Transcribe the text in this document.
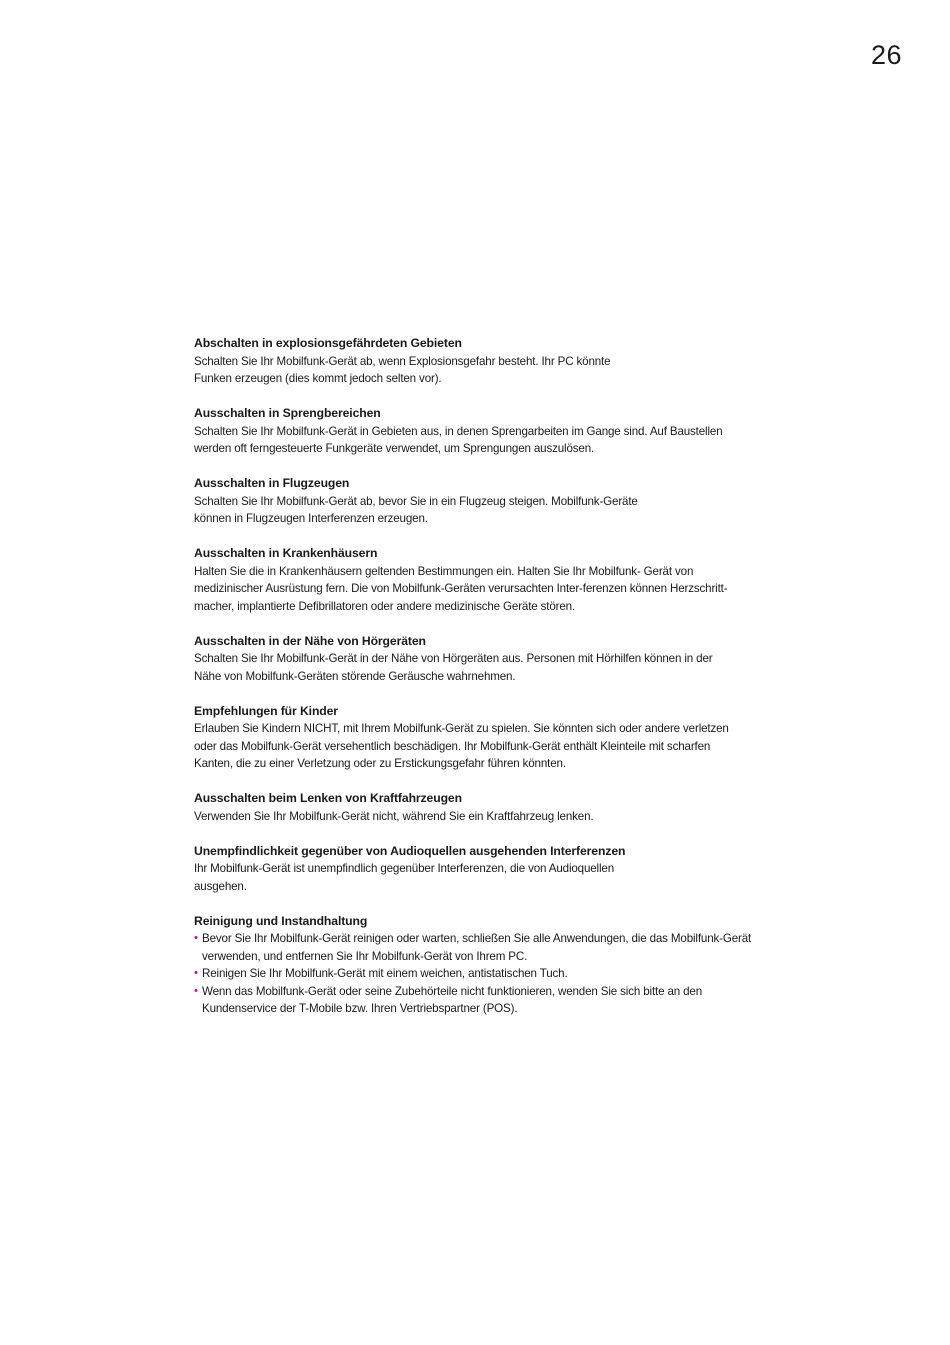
26

Abschalten in explosionsgefährdeten Gebieten

Schalten Sie Ihr Mobilfunk-Gerät ab, wenn Explosionsgefahr besteht. Ihr PC könnte
Funken erzeugen (dies kommt jedoch selten vor).

Ausschalten in Sprengbereichen

Schalten Sie Ihr Mobilfunk-Gerät in Gebieten aus, in denen Sprengarbeiten im Gange sind. Auf Baustellen
werden oft ferngesteuerte Funkgeräte verwendet, um Sprengungen auszulösen.

Ausschalten in Flugzeugen

Schalten Sie Ihr Mobilfunk-Gerät ab, bevor Sie in ein Flugzeug steigen. Mobilfunk-Geräte
können in Flugzeugen Interferenzen erzeugen.

Ausschalten in Krankenhäusern

Halten Sie die in Krankenhäusern geltenden Bestimmungen ein. Halten Sie Ihr Mobilfunk- Gerät von
medizinischer Ausrüstung fern. Die von Mobilfunk-Geräten verursachten Inter-ferenzen können Herzschritt-
macher, implantierte Defibrillatoren oder andere medizinische Geräte stören.

Ausschalten in der Nähe von Hörgeräten

Schalten Sie Ihr Mobilfunk-Gerät in der Nähe von Hörgeräten aus. Personen mit Hörhilfen können in der
Nähe von Mobilfunk-Geräten störende Geräusche wahrnehmen.

Empfehlungen für Kinder

Erlauben Sie Kindern NICHT, mit Ihrem Mobilfunk-Gerät zu spielen. Sie könnten sich oder andere verletzen
oder das Mobilfunk-Gerät versehentlich beschädigen. Ihr Mobilfunk-Gerät enthält Kleinteile mit scharfen
Kanten, die zu einer Verletzung oder zu Erstickungsgefahr führen könnten.

Ausschalten beim Lenken von Kraftfahrzeugen

Verwenden Sie Ihr Mobilfunk-Gerät nicht, während Sie ein Kraftfahrzeug lenken.

Unempfindlichkeit gegenüber von Audioquellen ausgehenden Interferenzen

Ihr Mobilfunk-Gerät ist unempfindlich gegenüber Interferenzen, die von Audioquellen
ausgehen.

Reinigung und Instandhaltung

• Bevor Sie Ihr Mobilfunk-Gerät reinigen oder warten, schließen Sie alle Anwendungen, die das Mobilfunk-Gerät
verwenden, und entfernen Sie Ihr Mobilfunk-Gerät von Ihrem PC.
• Reinigen Sie Ihr Mobilfunk-Gerät mit einem weichen, antistatischen Tuch.
• Wenn das Mobilfunk-Gerät oder seine Zubehörteile nicht funktionieren, wenden Sie sich bitte an den
Kundenservice der T-Mobile bzw. Ihren Vertriebspartner (POS).
